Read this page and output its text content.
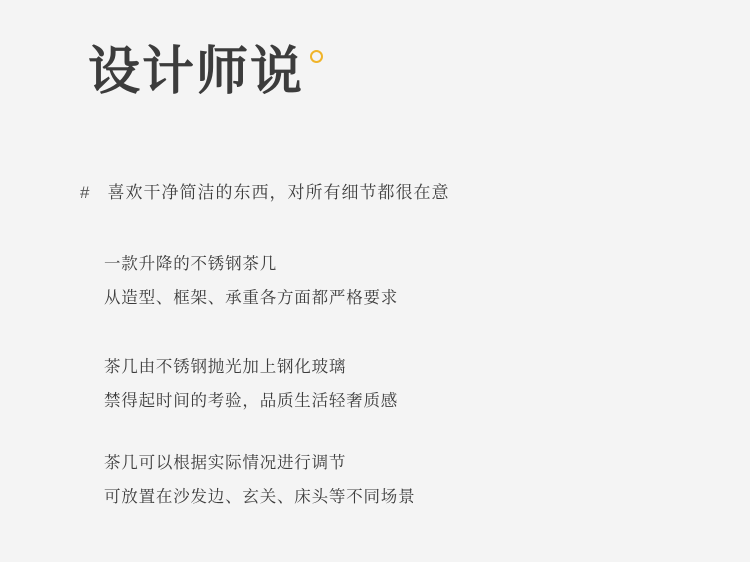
设计师说
# 喜欢干净简洁的东西，对所有细节都很在意
一款升降的不锈钢茶几
从造型、框架、承重各方面都严格要求
茶几由不锈钢抛光加上钢化玻璃
禁得起时间的考验，品质生活轻奢质感
茶几可以根据实际情况进行调节
可放置在沙发边、玄关、床头等不同场景
